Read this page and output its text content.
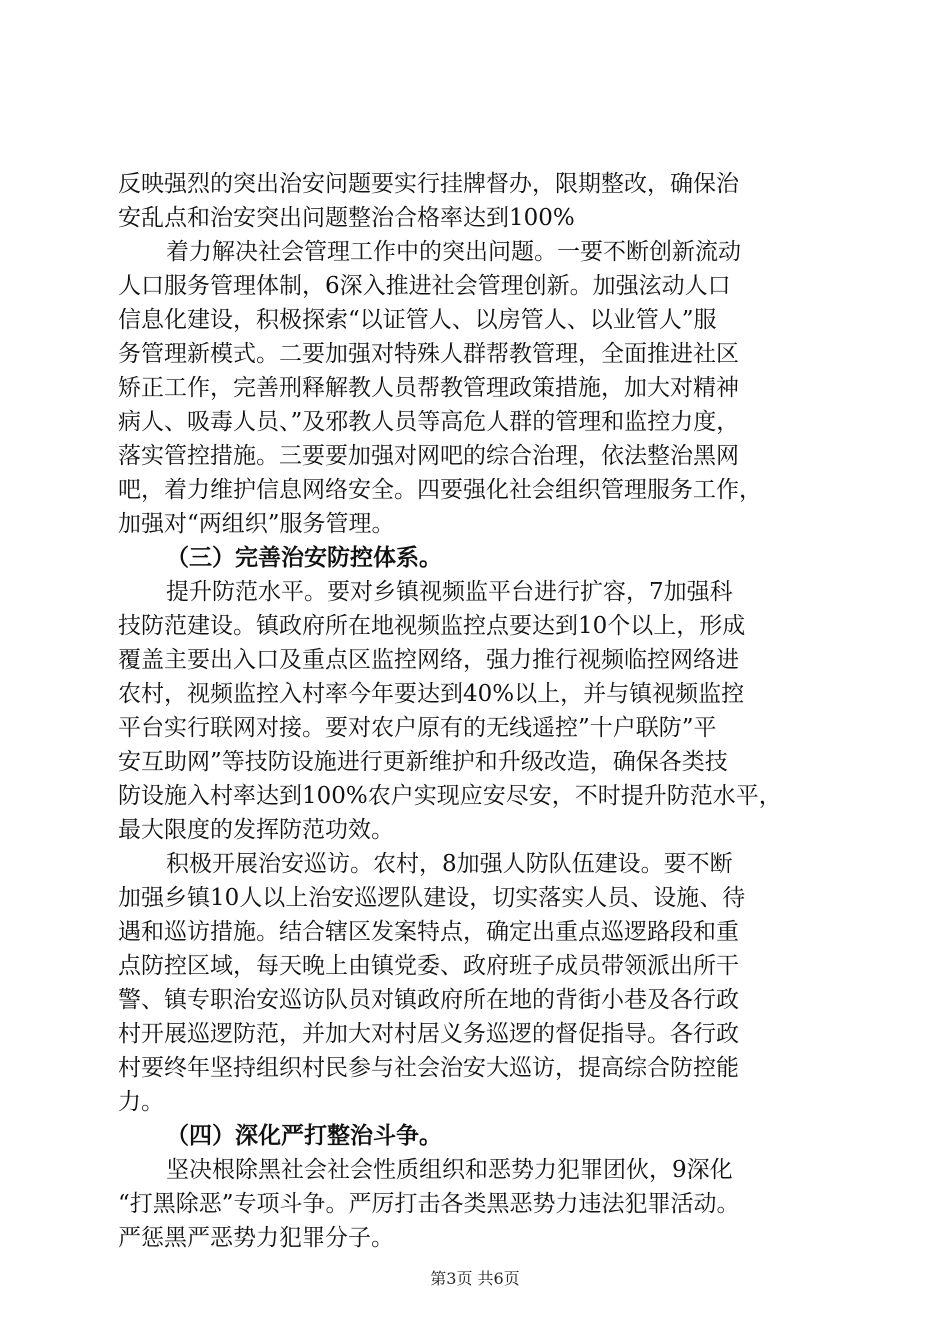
反映强烈的突出治安问题要实行挂牌督办，限期整改，确保治
安乱点和治安突出问题整治合格率达到100%
着力解决社会管理工作中的突出问题。一要不断创新流动
人口服务管理体制，6深入推进社会管理创新。加强泫动人口
信息化建设，积极探索“以证管人、以房管人、以业管人”服
务管理新模式。二要加强对特殊人群帮教管理，全面推进社区
矫正工作，完善刑释解教人员帮教管理政策措施，加大对精神
病人、吸毒人员、”及邪教人员等高危人群的管理和监控力度，
落实管控措施。三要要加强对网吧的综合治理，依法整治黑网
吧，着力维护信息网络安全。四要强化社会组织管理服务工作，
加强对“两组织”服务管理。
（三）完善治安防控体系。
提升防范水平。要对乡镇视频监平台进行扩容，7加强科
技防范建设。镇政府所在地视频监控点要达到10个以上，形成
覆盖主要出入口及重点区监控网络，强力推行视频临控网络进
农村，视频监控入村率今年要达到40%以上，并与镇视频监控
平台实行联网对接。要对农户原有的无线遥控”十户联防”平
安互助网”等技防设施进行更新维护和升级改造，确保各类技
防设施入村率达到100%农户实现应安尽安，不时提升防范水平，
最大限度的发挥防范功效。
积极开展治安巡访。农村，8加强人防队伍建设。要不断
加强乡镇10人以上治安巡逻队建设，切实落实人员、设施、待
遇和巡访措施。结合辖区发案特点，确定出重点巡逻路段和重
点防控区域，每天晚上由镇党委、政府班子成员带领派出所干
警、镇专职治安巡访队员对镇政府所在地的背街小巷及各行政
村开展巡逻防范，并加大对村居义务巡逻的督促指导。各行政
村要终年坚持组织村民参与社会治安大巡访，提高综合防控能
力。
（四）深化严打整治斗争。
坚决根除黑社会社会性质组织和恶势力犯罪团伙，9深化
“打黑除恶”专项斗争。严厉打击各类黑恶势力违法犯罪活动。
严惩黑严恶势力犯罪分子。
第3页 共6页
